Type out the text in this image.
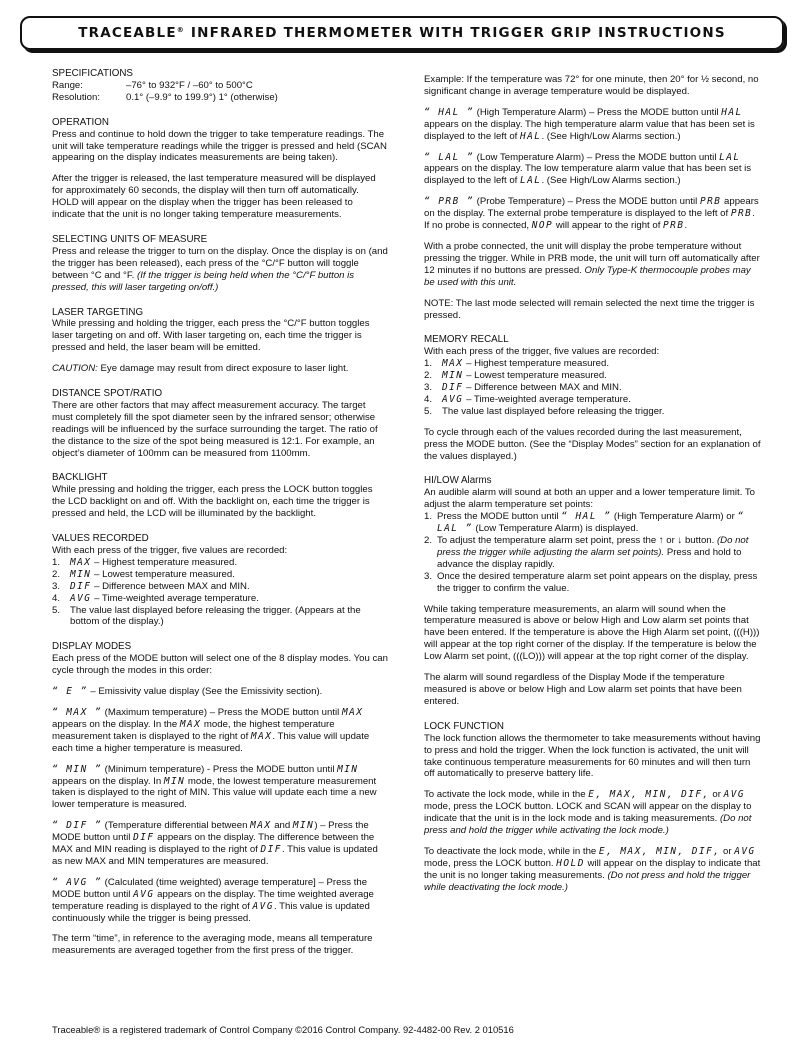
TRACEABLE® INFRARED THERMOMETER WITH TRIGGER GRIP INSTRUCTIONS
SPECIFICATIONS
Range:	–76° to 932°F / –60° to 500°C
Resolution:	0.1° (–9.9° to 199.9°) 1° (otherwise)
OPERATION

Press and continue to hold down the trigger to take temperature readings. The unit will take temperature readings while the trigger is pressed and held (SCAN appearing on the display indicates measurements are being taken).

After the trigger is released, the last temperature measured will be displayed for approximately 60 seconds, the display will then turn off automatically. HOLD will appear on the display when the trigger has been released to indicate that the unit is no longer taking temperature measurements.

SELECTING UNITS OF MEASURE

Press and release the trigger to turn on the display. Once the display is on (and the trigger has been released), each press of the °C/°F button will toggle between °C and °F. (If the trigger is being held when the °C/°F button is pressed, this will laser targeting on/off.)

LASER TARGETING

While pressing and holding the trigger, each press the °C/°F button toggles laser targeting on and off. With laser targeting on, each time the trigger is pressed and held, the laser beam will be emitted.

CAUTION: Eye damage may result from direct exposure to laser light.

DISTANCE SPOT/RATIO

There are other factors that may affect measurement accuracy. The target must completely fill the spot diameter seen by the infrared sensor; otherwise readings will be influenced by the surface surrounding the target. The ratio of the distance to the size of the spot being measured is 12:1. For example, an object’s diameter of 100mm can be measured from 1100mm.

BACKLIGHT

While pressing and holding the trigger, each press the LOCK button toggles the LCD backlight on and off. With the backlight on, each time the trigger is pressed and held, the LCD will be illuminated by the backlight.

VALUES RECORDED
With each press of the trigger, five values are recorded:
1.	MAX – Highest temperature measured.
2.	MIN – Lowest temperature measured.
3.	DIF – Difference between MAX and MIN.
4.	AVG – Time-weighted average temperature.
5.	The value last displayed before releasing the trigger. (Appears at the bottom of the display.)
DISPLAY MODES

Each press of the MODE button will select one of the 8 display modes. You can cycle through the modes in this order:

“ E ” – Emissivity value display (See the Emissivity section).

“ MAX ” (Maximum temperature) – Press the MODE button until MAX appears on the display. In the MAX mode, the highest temperature measurement taken is displayed to the right of MAX. This value will update each time a higher temperature is measured.

“ MIN ” (Minimum temperature) - Press the MODE button until MIN appears on the display. In MIN mode, the lowest temperature measurement taken is displayed to the right of MIN. This value will update each time a new lower temperature is measured.

“ DIF ” (Temperature differential between MAX and MIN) – Press the MODE button until DIF appears on the display. The difference between the MAX and MIN reading is displayed to the right of DIF. This value is updated as new MAX and MIN temperatures are measured.

“ AVG ” (Calculated (time weighted) average temperature] – Press the MODE button until AVG appears on the display. The time weighted average temperature reading is displayed to the right of AVG. This value is updated continuously while the trigger is being pressed.

The term “time”, in reference to the averaging mode, means all temperature measurements are averaged together from the first press of the trigger.

Example: If the temperature was 72° for one minute, then 20° for ½ second, no significant change in average temperature would be displayed.

“ HAL ” (High Temperature Alarm) – Press the MODE button until HAL appears on the display. The high temperature alarm value that has been set is displayed to the left of HAL. (See High/Low Alarms section.)

“ LAL ” (Low Temperature Alarm) – Press the MODE button until LAL appears on the display. The low temperature alarm value that has been set is displayed to the left of LAL. (See High/Low Alarms section.)

“ PRB ” (Probe Temperature) – Press the MODE button until PRB appears on the display. The external probe temperature is displayed to the left of PRB. If no probe is connected, NOP will appear to the right of PRB.

With a probe connected, the unit will display the probe temperature without pressing the trigger. While in PRB mode, the unit will turn off automatically after 12 minutes if no buttons are pressed. Only Type-K thermocouple probes may be used with this unit.

NOTE: The last mode selected will remain selected the next time the trigger is pressed.

MEMORY RECALL
With each press of the trigger, five values are recorded:
1.	MAX – Highest temperature measured.
2.	MIN – Lowest temperature measured.
3.	DIF – Difference between MAX and MIN.
4.	AVG – Time-weighted average temperature.
5.	The value last displayed before releasing the trigger.

To cycle through each of the values recorded during the last measurement, press the MODE button. (See the “Display Modes” section for an explanation of the values displayed.)

HI/LOW Alarms
An audible alarm will sound at both an upper and a lower temperature limit. To adjust the alarm temperature set points:
1. Press the MODE button until “ HAL ” (High Temperature Alarm) or “ LAL ” (Low Temperature Alarm) is displayed.
2. To adjust the temperature alarm set point, press the ↑ or ↓ button. (Do not press the trigger while adjusting the alarm set points). Press and hold to advance the display rapidly.
3. Once the desired temperature alarm set point appears on the display, press the trigger to confirm the value.

While taking temperature measurements, an alarm will sound when the temperature measured is above or below High and Low alarm set points that have been entered. If the temperature is above the High Alarm set point, (((H))) will appear at the top right corner of the display. If the temperature is below the Low Alarm set point, (((LO))) will appear at the top right corner of the display.

The alarm will sound regardless of the Display Mode if the temperature measured is above or below High and Low alarm set points that have been entered.

LOCK FUNCTION

The lock function allows the thermometer to take measurements without having to press and hold the trigger. When the lock function is activated, the unit will take continuous temperature measurements for 60 minutes and will then turn off automatically to preserve battery life.

To activate the lock mode, while in the E, MAX, MIN, DIF, or AVG mode, press the LOCK button. LOCK and SCAN will appear on the display to indicate that the unit is in the lock mode and is taking measurements. (Do not press and hold the trigger while activating the lock mode.)

To deactivate the lock mode, while in the E, MAX, MIN, DIF, or AVG mode, press the LOCK button. HOLD will appear on the display to indicate that the unit is no longer taking measurements. (Do not press and hold the trigger while deactivating the lock mode.)

Traceable® is a registered trademark of Control Company ©2016 Control Company. 92-4482-00 Rev. 2 010516
